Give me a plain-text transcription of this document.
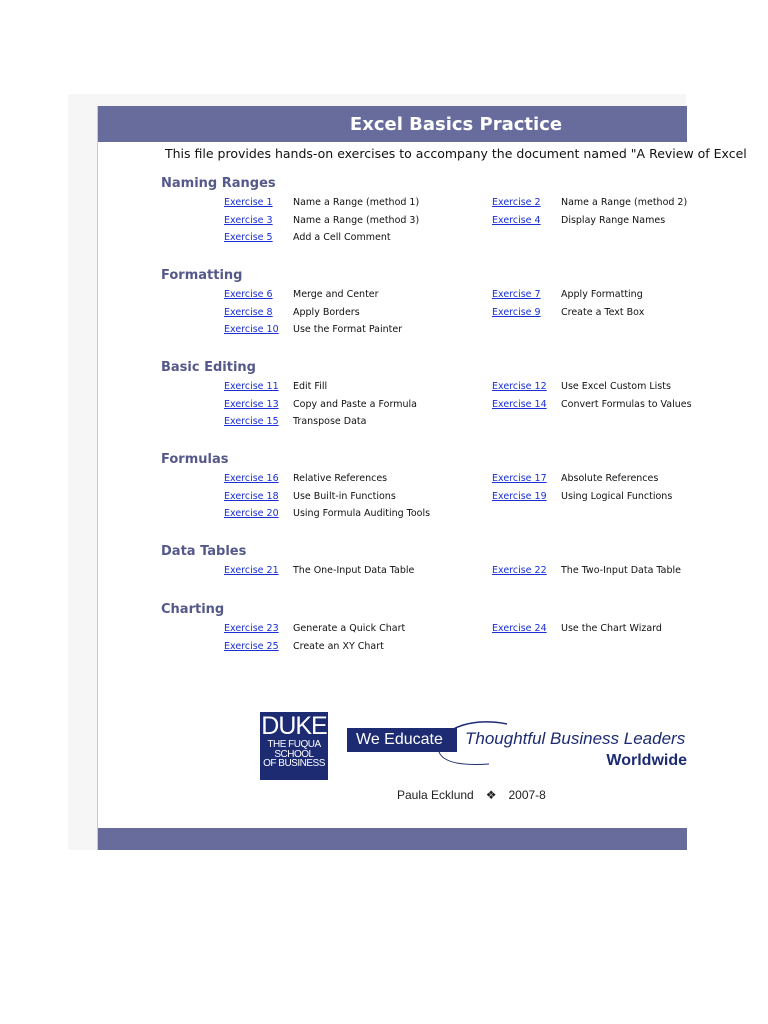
Excel Basics Practice
This file provides hands-on exercises to accompany the document named "A Review of Excel
Naming Ranges
Exercise 1 Name a Range (method 1)	Exercise 2 Name a Range (method 2)
Exercise 3 Name a Range (method 3)	Exercise 4 Display Range Names
Exercise 5 Add a Cell Comment
Formatting
Exercise 6 Merge and Center	Exercise 7 Apply Formatting
Exercise 8 Apply Borders	Exercise 9 Create a Text Box
Exercise 10 Use the Format Painter
Basic Editing
Exercise 11 Edit Fill	Exercise 12 Use Excel Custom Lists
Exercise 13 Copy and Paste a Formula	Exercise 14 Convert Formulas to Values
Exercise 15 Transpose Data
Formulas
Exercise 16 Relative References	Exercise 17 Absolute References
Exercise 18 Use Built-in Functions	Exercise 19 Using Logical Functions
Exercise 20 Using Formula Auditing Tools
Data Tables
Exercise 21 The One-Input Data Table	Exercise 22 The Two-Input Data Table
Charting
Exercise 23 Generate a Quick Chart	Exercise 24 Use the Chart Wizard
Exercise 25 Create an XY Chart
DUKE
THE FUQUA
SCHOOL
OF BUSINESS
We Educate Thoughtful Business Leaders
Worldwide
Paula Ecklund ❖ 2007-8
